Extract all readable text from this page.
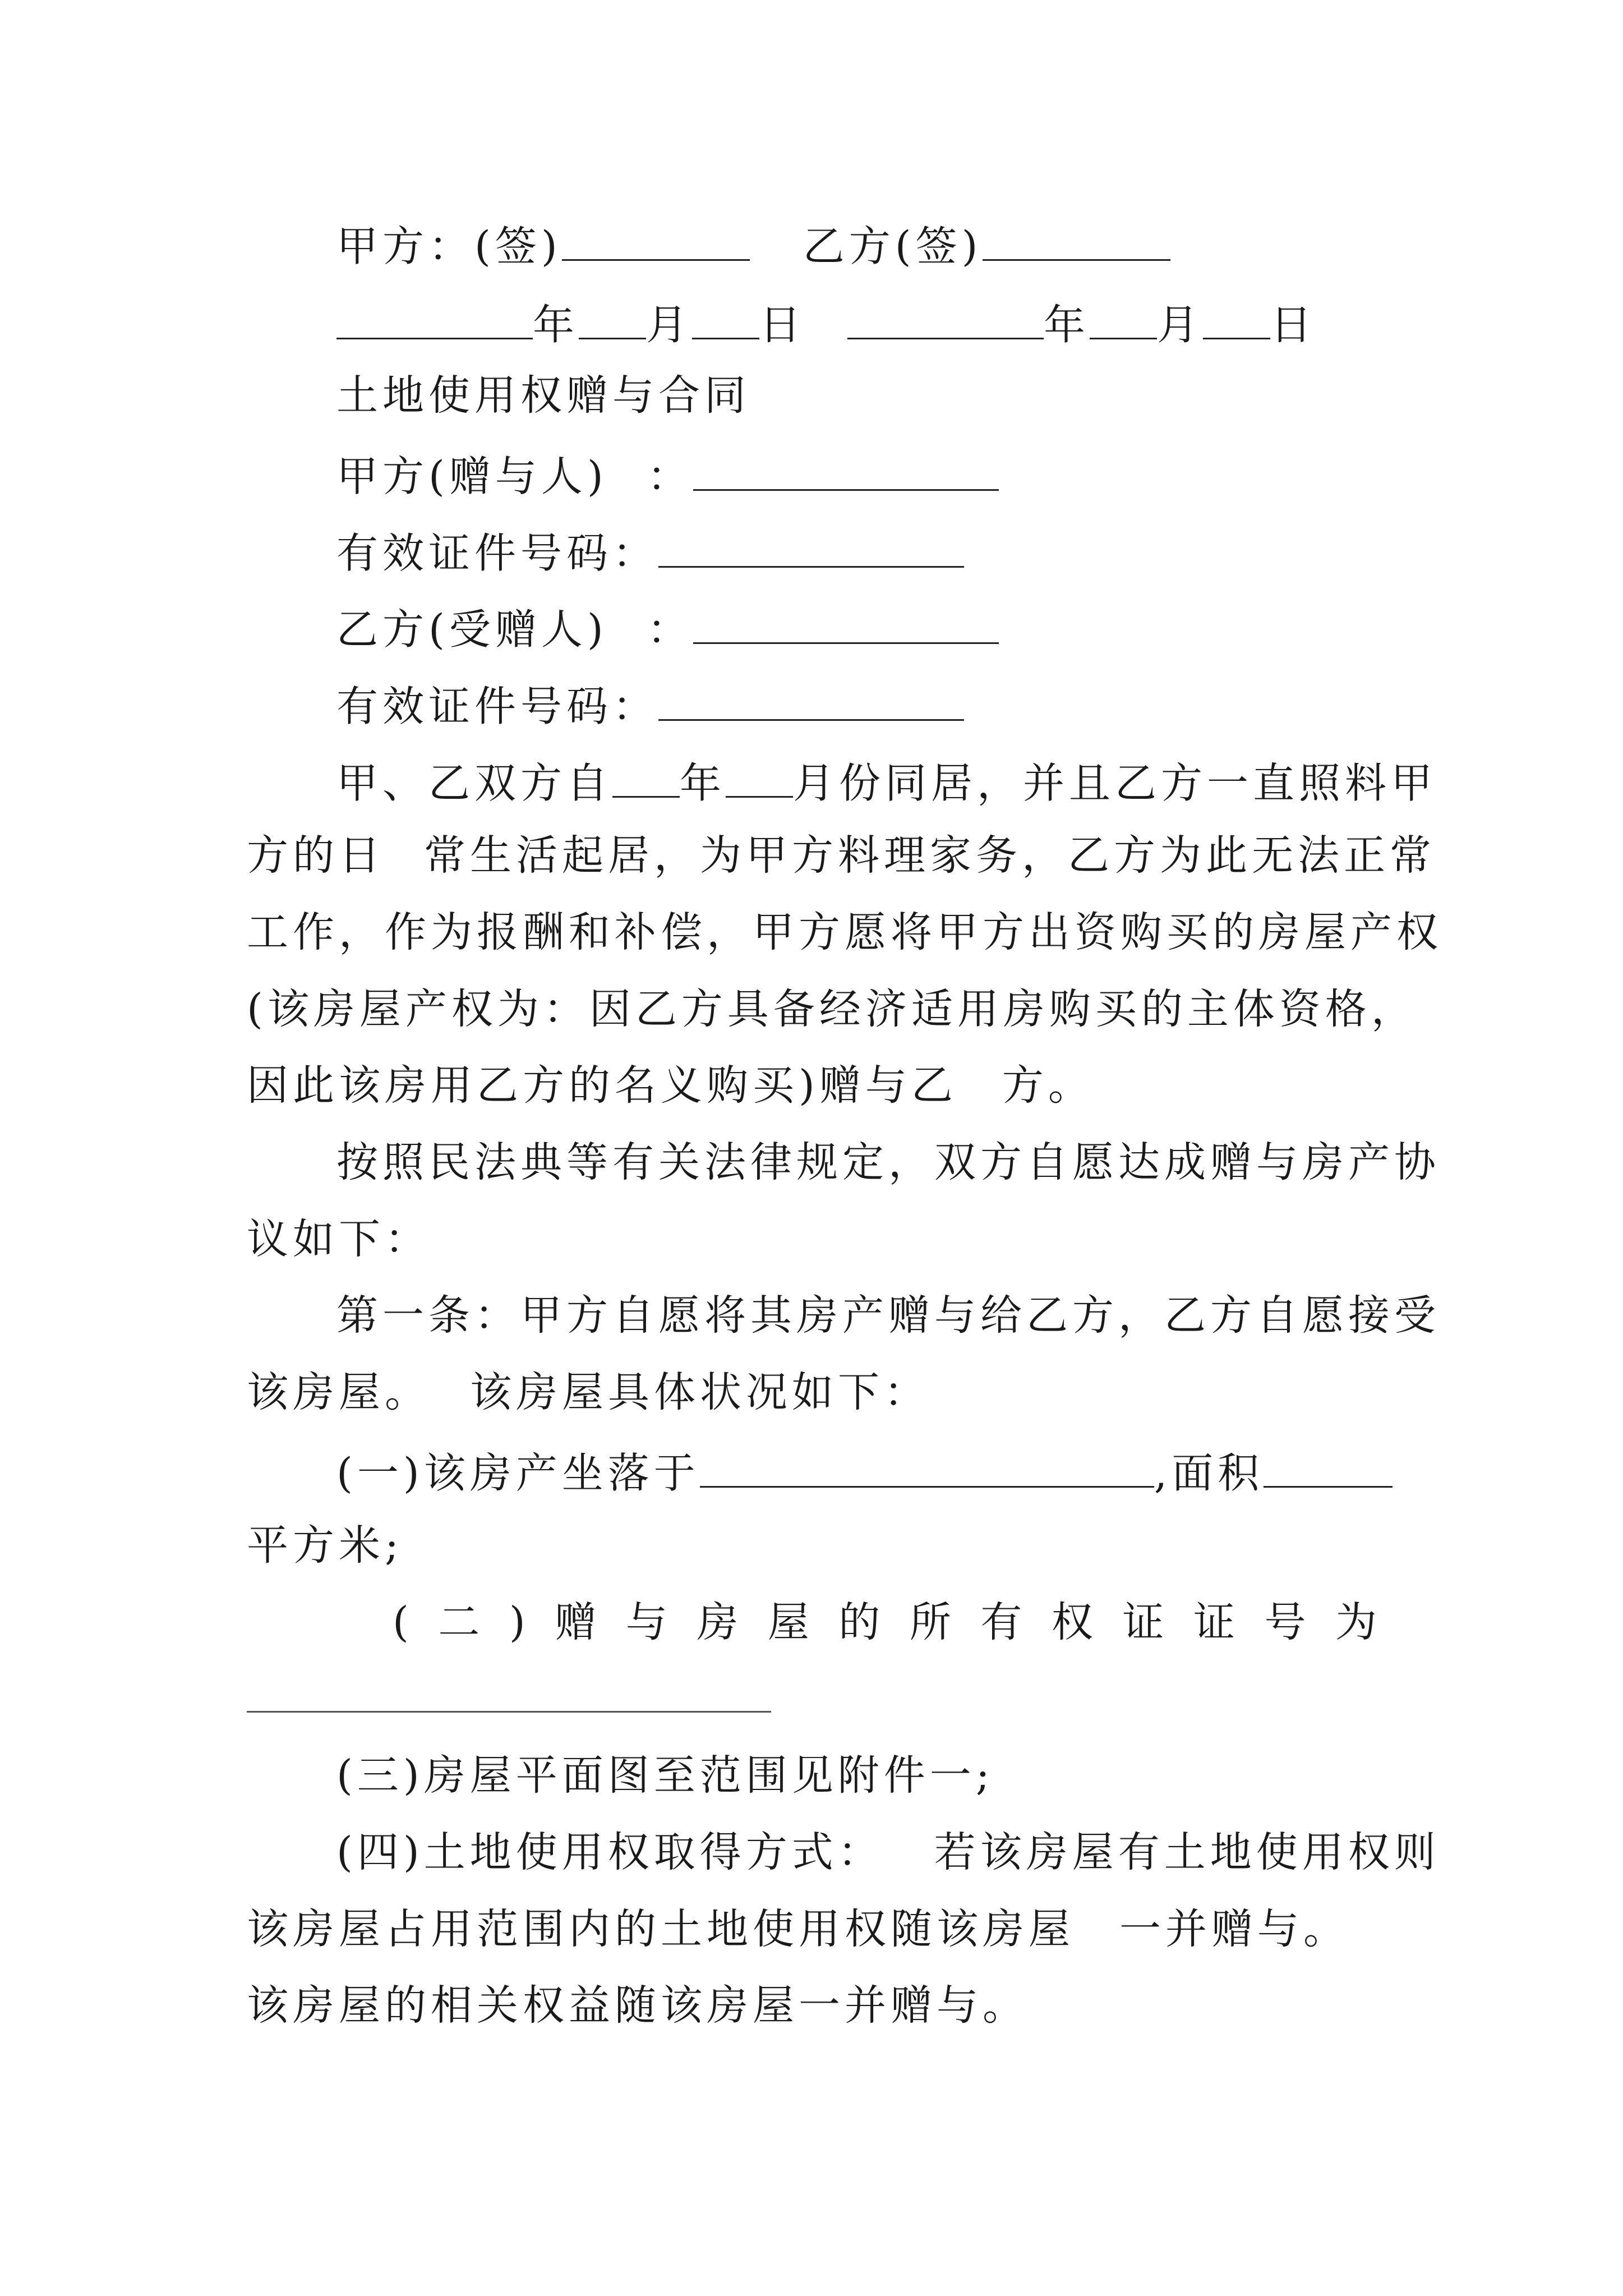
甲方：(签)	乙方(签)
年 月 日	年 月 日
土地使用权赠与合同
甲方(赠与人) ：
有效证件号码：
乙方(受赠人) ：
有效证件号码：
甲、乙双方自 年 月份同居，并且乙方一直照料甲
方的日 常生活起居，为甲方料理家务，乙方为此无法正常
工作，作为报酬和补偿，甲方愿将甲方出资购买的房屋产权
(该房屋产权为：因乙方具备经济适用房购买的主体资格，
因此该房用乙方的名义购买)赠与乙 方。
按照民法典等有关法律规定，双方自愿达成赠与房产协
议如下：
第一条：甲方自愿将其房产赠与给乙方，乙方自愿接受
该房屋。 该房屋具体状况如下：
(一)该房产坐落于	,面积
平方米;
( 二 ) 赠 与 房 屋 的 所 有 权 证 证 号 为
(三)房屋平面图至范围见附件一;
(四)土地使用权取得方式： 若该房屋有土地使用权则
该房屋占用范围内的土地使用权随该房屋 一并赠与。
该房屋的相关权益随该房屋一并赠与。
